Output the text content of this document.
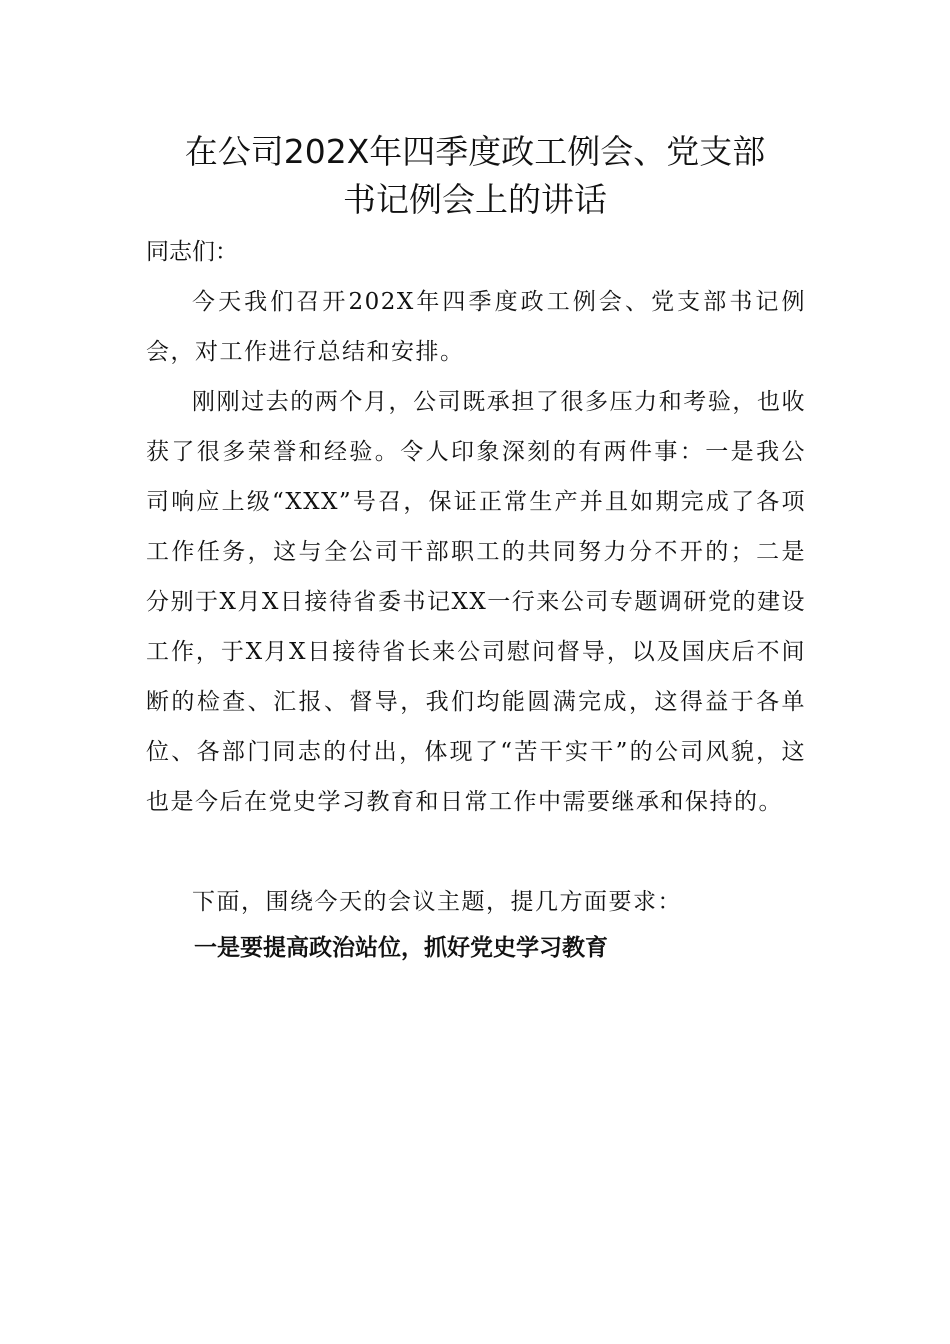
在公司202X年四季度政工例会、党支部
书记例会上的讲话

同志们：

今天我们召开202X年四季度政工例会、党支部书记例会，对工作进行总结和安排。

刚刚过去的两个月，公司既承担了很多压力和考验，也收获了很多荣誉和经验。令人印象深刻的有两件事：一是我公司响应上级“XXX”号召，保证正常生产并且如期完成了各项工作任务，这与全公司干部职工的共同努力分不开的；二是分别于X月X日接待省委书记XX一行来公司专题调研党的建设工作，于X月X日接待省长来公司慰问督导，以及国庆后不间断的检查、汇报、督导，我们均能圆满完成，这得益于各单位、各部门同志的付出，体现了“苦干实干”的公司风貌，这也是今后在党史学习教育和日常工作中需要继承和保持的。

下面，围绕今天的会议主题，提几方面要求：

一是要提高政治站位，抓好党史学习教育
